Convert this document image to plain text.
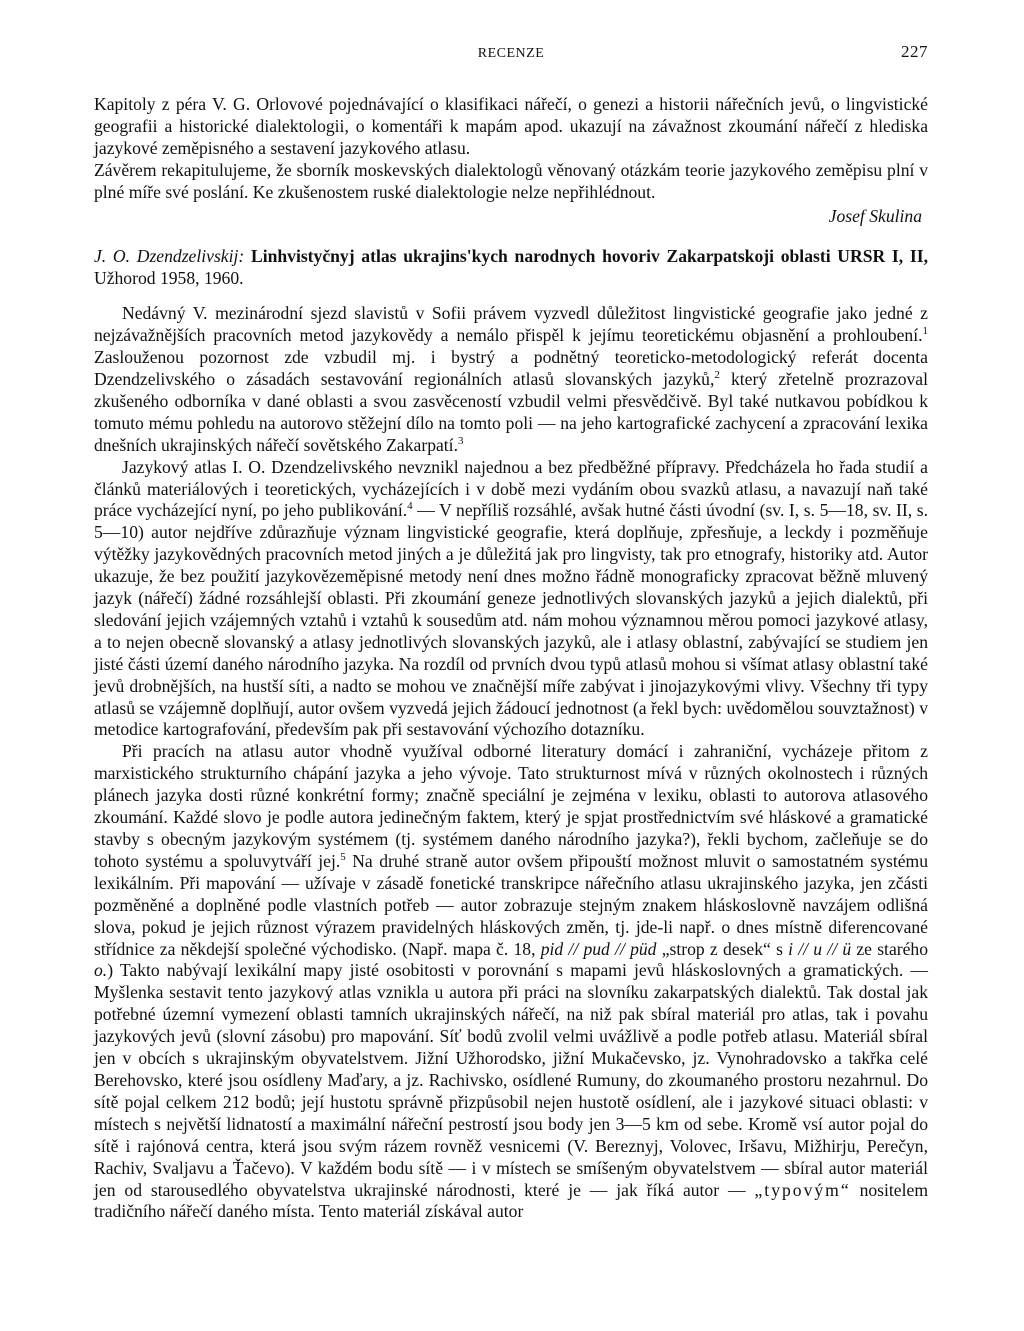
RECENZE	227

Kapitoly z péra V. G. Orlovové pojednávající o klasifikaci nářečí, o genezi a historii nářečních jevů, o lingvistické geografii a historické dialektologii, o komentáři k mapám apod. ukazují na závažnost zkoumání nářečí z hlediska jazykové zeměpisného a sestavení jazykového atlasu.

Závěrem rekapitulujeme, že sborník moskevských dialektologů věnovaný otázkám teorie jazykového zeměpisu plní v plné míře své poslání. Ke zkušenostem ruské dialektologie nelze nepřihlédnout.

Josef Skulina
J. O. Dzendzelivskij: Linhvistyčnyj atlas ukrajins'kych narodnych hovoriv Zakarpatskoji oblasti URSR I, II, Užhorod 1958, 1960.

Nedávný V. mezinárodní sjezd slavistů v Sofii právem vyzvedl důležitost lingvistické geografie jako jedné z nejzávažnějších pracovních metod jazykovědy a nemálo přispěl k jejímu teoretickému objasnění a prohloubení.$^1$ Zaslouženou pozornost zde vzbudil mj. i bystrý a podnětný teoreticko-metodologický referát docenta Dzendzelivského o zásadách sestavování regionálních atlasů slovanských jazyků,$^2$ který zřetelně prozrazoval zkušeného odborníka v dané oblasti a svou zasvěceností vzbudil velmi přesvědčivě. Byl také nutkavou pobídkou k tomuto mému pohledu na autorovo stěžejní dílo na tomto poli — na jeho kartografické zachycení a zpracování lexika dnešních ukrajinských nářečí sovětského Zakarpatí.$^3$

Jazykový atlas I. O. Dzendzelivského nevznikl najednou a bez předběžné přípravy. Předcházela ho řada studií a článků materiálových i teoretických, vycházejících i v době mezi vydáním obou svazků atlasu, a navazují naň také práce vycházející nyní, po jeho publikování.$^4$ — V nepříliš rozsáhlé, avšak hutné části úvodní (sv. I, s. 5—18, sv. II, s. 5—10) autor nejdříve zdůrazňuje význam lingvistické geografie, která doplňuje, zpřesňuje, a leckdy i pozměňuje výtěžky jazykovědných pracovních metod jiných a je důležitá jak pro lingvisty, tak pro etnografy, historiky atd. Autor ukazuje, že bez použití jazykovězeměpisné metody není dnes možno řádně monograficky zpracovat běžně mluvený jazyk (nářečí) žádné rozsáhlejší oblasti. Při zkoumání geneze jednotlivých slovanských jazyků a jejich dialektů, při sledování jejich vzájemných vztahů i vztahů k sousedům atd. nám mohou významnou měrou pomoci jazykové atlasy, a to nejen obecně slovanský a atlasy jednotlivých slovanských jazyků, ale i atlasy oblastní, zabývající se studiem jen jisté části území daného národního jazyka. Na rozdíl od prvních dvou typů atlasů mohou si všímat atlasy oblastní také jevů drobnějších, na hustší síti, a nadto se mohou ve značnější míře zabývat i jinojazykovými vlivy. Všechny tři typy atlasů se vzájemně doplňují, autor ovšem vyzvedá jejich žádoucí jednotnost (a řekl bych: uvědomělou souvztažnost) v metodice kartografování, především pak při sestavování výchozího dotazníku.

Při pracích na atlasu autor vhodně využíval odborné literatury domácí i zahraniční, vycházeje přitom z marxistického strukturního chápání jazyka a jeho vývoje. Tato strukturnost mívá v různých okolnostech i různých plánech jazyka dosti různé konkrétní formy; značně speciální je zejména v lexiku, oblasti to autorova atlasového zkoumání. Každé slovo je podle autora jedinečným faktem, který je spjat prostřednictvím své hláskové a gramatické stavby s obecným jazykovým systémem (tj. systémem daného národního jazyka?), řekli bychom, začleňuje se do tohoto systému a spoluvytváří jej.$^5$ Na druhé straně autor ovšem připouští možnost mluvit o samostatném systému lexikálním. Při mapování — užívaje v zásadě fonetické transkripce nářečního atlasu ukrajinského jazyka, jen zčásti pozměněné a doplněné podle vlastních potřeb — autor zobrazuje stejným znakem hláskoslovně navzájem odlišná slova, pokud je jejich různost výrazem pravidelných hláskových změn, tj. jde-li např. o dnes místně diferencované střídnice za někdejší společné východisko. (Např. mapa č. 18, pid // pud // püd „strop z desek“ s i // u // ü ze starého o.) Takto nabývají lexikální mapy jisté osobitosti v porovnání s mapami jevů hláskoslovných a gramatických. — Myšlenka sestavit tento jazykový atlas vznikla u autora při práci na slovníku zakarpatských dialektů. Tak dostal jak potřebné územní vymezení oblasti tamních ukrajinských nářečí, na niž pak sbíral materiál pro atlas, tak i povahu jazykových jevů (slovní zásobu) pro mapování. Síť bodů zvolil velmi uvážlivě a podle potřeb atlasu. Materiál sbíral jen v obcích s ukrajinským obyvatelstvem. Jižní Užhorodsko, jižní Mukačevsko, jz. Vynohradovsko a takřka celé Berehovsko, které jsou osídleny Maďary, a jz. Rachivsko, osídlené Rumuny, do zkoumaného prostoru nezahrnul. Do sítě pojal celkem 212 bodů; její hustotu správně přizpůsobil nejen hustotě osídlení, ale i jazykové situaci oblasti: v místech s největší lidnatostí a maximální nářeční pestrostí jsou body jen 3—5 km od sebe. Kromě vsí autor pojal do sítě i rajónová centra, která jsou svým rázem rovněž vesnicemi (V. Bereznyj, Volovec, Iršavu, Mižhirju, Perečyn, Rachiv, Svaljavu a Ťačevo). V každém bodu sítě — i v místech se smíšeným obyvatelstvem — sbíral autor materiál jen od starousedlého obyvatelstva ukrajinské národnosti, které je — jak říká autor — „typovým“ nositelem tradičního nářečí daného místa. Tento materiál získával autor
